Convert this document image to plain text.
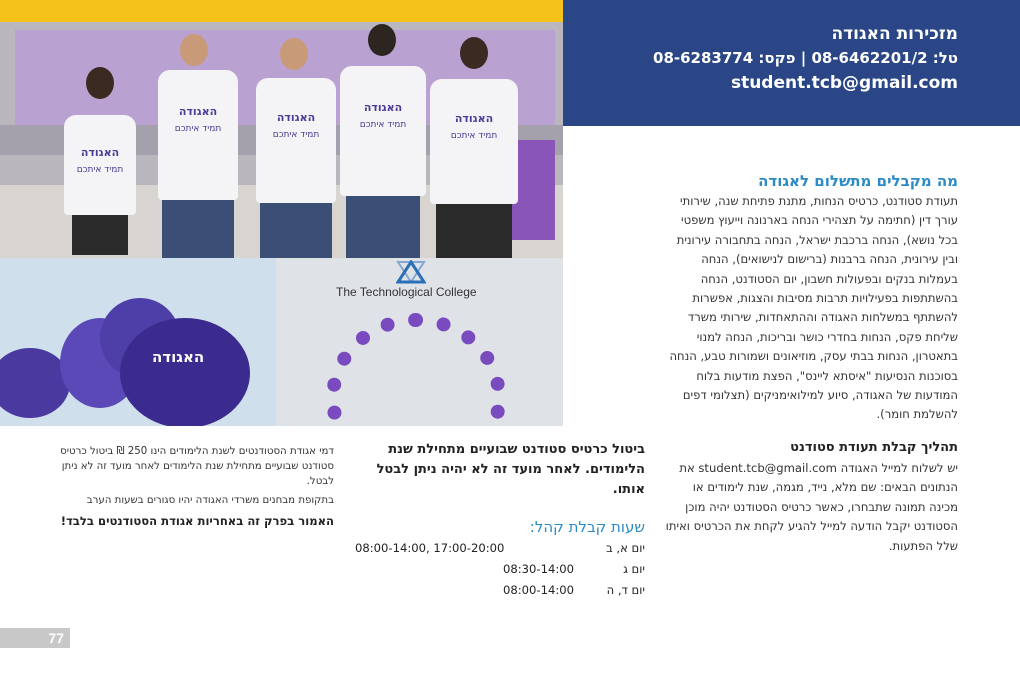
האגודה
תמיד איתכם
האגודה
תמיד איתכם
האגודה
תמיד איתכם
האגודה
תמיד איתכם	האגודה
תמיד איתכם
האגודה
The Technological College
מזכירות האגודה
טל: 08-6462201/2 | פקס: 08-6283774
student.tcb@gmail.com
מה מקבלים מתשלום לאגודה
תעודת סטודנט, כרטיס הנחות, מתנת פתיחת שנה, שירותי עורך דין (חתימה על תצהירי הנחה בארנונה וייעוץ משפטי בכל נושא), הנחה ברכבת ישראל, הנחה בתחבורה עירונית ובין עירונית, הנחה ברבנות (ברישום לנישואים), הנחה בעמלות בנקים ובפעולות חשבון, יום הסטודנט, הנחה בהשתתפות בפעילויות תרבות מסיבות והצגות, אפשרות להשתתף במשלחות האגודה וההתאחדות, שירותי משרד שליחת פקס, הנחות בחדרי כושר ובריכות, הנחה למנוי בתאטרון, הנחות בבתי עסק, מוזיאונים ושמורות טבע, הנחה בסוכנות הנסיעות "איסתא ליינס", הפצת מודעות בלוח המודעות של האגודה, סיוע למילואימניקים (תצלומי דפים להשלמת חומר).
תהליך קבלת תעודת סטודנט
יש לשלוח למייל האגודה student.tcb@gmail.com את הנתונים הבאים: שם מלא, נייד, מגמה, שנת לימודים או מכינה תמונה שתבחרו, כאשר כרטיס הסטודנט יהיה מוכן הסטודנט יקבל הודעה למייל להגיע לקחת את הכרטיס ואיתו שלל הפתעות.
ביטול כרטיס סטודנט שבועיים מתחילת שנת הלימודים. לאחר מועד זה לא יהיה ניתן לבטל אותו.
שעות קבלת קהל:
יום א, ב
08:00-14:00, 17:00-20:00
יום ג
08:30-14:00
יום ד, ה
08:00-14:00
דמי אגודת הסטודנטים לשנת הלימודים הינו 250 ₪ ביטול כרטיס סטודנט שבועיים מתחילת שנת הלימודים לאחר מועד זה לא ניתן לבטל.
בתקופת מבחנים משרדי האגודה יהיו סגורים בשעות הערב
האמור בפרק זה באחריות אגודת הסטודנטים בלבד!
77
